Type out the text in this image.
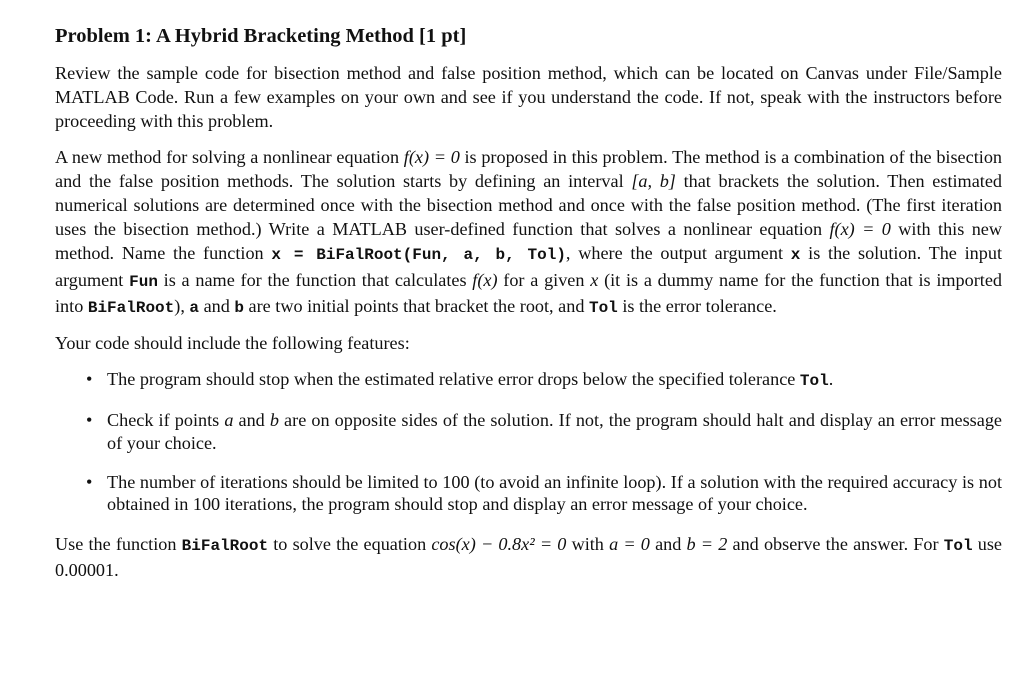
Problem 1: A Hybrid Bracketing Method [1 pt]

Review the sample code for bisection method and false position method, which can be located on Canvas under File/Sample MATLAB Code. Run a few examples on your own and see if you understand the code. If not, speak with the instructors before proceeding with this problem.

A new method for solving a nonlinear equation f(x) = 0 is proposed in this problem. The method is a combination of the bisection and the false position methods. The solution starts by defining an interval [a, b] that brackets the solution. Then estimated numerical solutions are determined once with the bisection method and once with the false position method. (The first iteration uses the bisection method.) Write a MATLAB user-defined function that solves a nonlinear equation f(x) = 0 with this new method. Name the function x = BiFalRoot(Fun, a, b, Tol), where the output argument x is the solution. The input argument Fun is a name for the function that calculates f(x) for a given x (it is a dummy name for the function that is imported into BiFalRoot), a and b are two initial points that bracket the root, and Tol is the error tolerance.

Your code should include the following features:

• The program should stop when the estimated relative error drops below the specified tolerance Tol.
• Check if points a and b are on opposite sides of the solution. If not, the program should halt and display an error message of your choice.
• The number of iterations should be limited to 100 (to avoid an infinite loop). If a solution with the required accuracy is not obtained in 100 iterations, the program should stop and display an error message of your choice.

Use the function BiFalRoot to solve the equation cos(x) − 0.8x² = 0 with a = 0 and b = 2 and observe the answer. For Tol use 0.00001.
